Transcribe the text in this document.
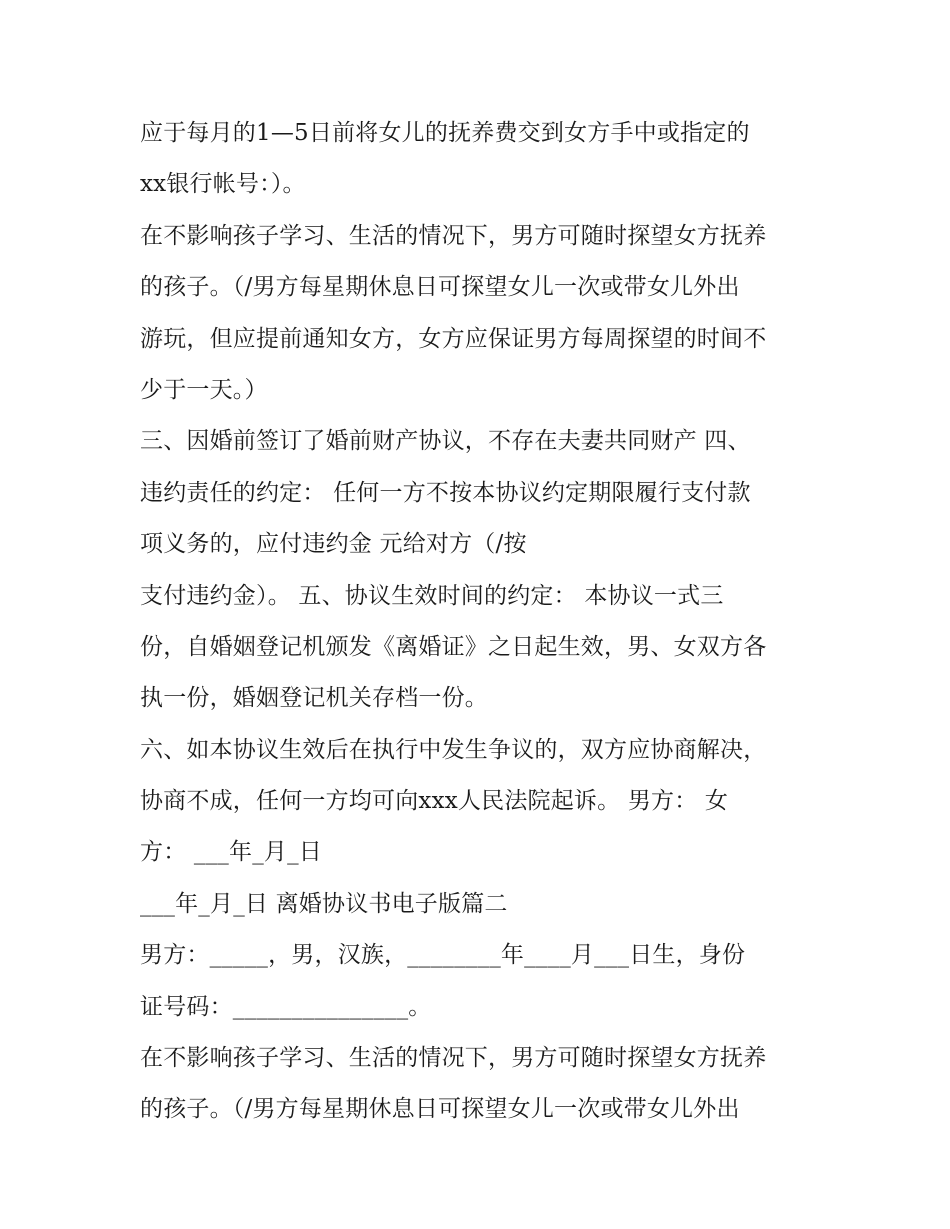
应于每月的1—5日前将女儿的抚养费交到女方手中或指定的
xx银行帐号：）。
在不影响孩子学习、生活的情况下，男方可随时探望女方抚养
的孩子。（/男方每星期休息日可探望女儿一次或带女儿外出
游玩，但应提前通知女方，女方应保证男方每周探望的时间不
少于一天。）
三、因婚前签订了婚前财产协议，不存在夫妻共同财产 四、
违约责任的约定： 任何一方不按本协议约定期限履行支付款
项义务的，应付违约金 元给对方（/按
支付违约金）。 五、协议生效时间的约定： 本协议一式三
份，自婚姻登记机颁发《离婚证》之日起生效，男、女双方各
执一份，婚姻登记机关存档一份。
六、如本协议生效后在执行中发生争议的，双方应协商解决，
协商不成，任何一方均可向xxx人民法院起诉。 男方： 女
方： ___年_月_日
___年_月_日 离婚协议书电子版篇二
男方：_____，男，汉族，________年____月___日生，身份
证号码：_______________。
在不影响孩子学习、生活的情况下，男方可随时探望女方抚养
的孩子。（/男方每星期休息日可探望女儿一次或带女儿外出
